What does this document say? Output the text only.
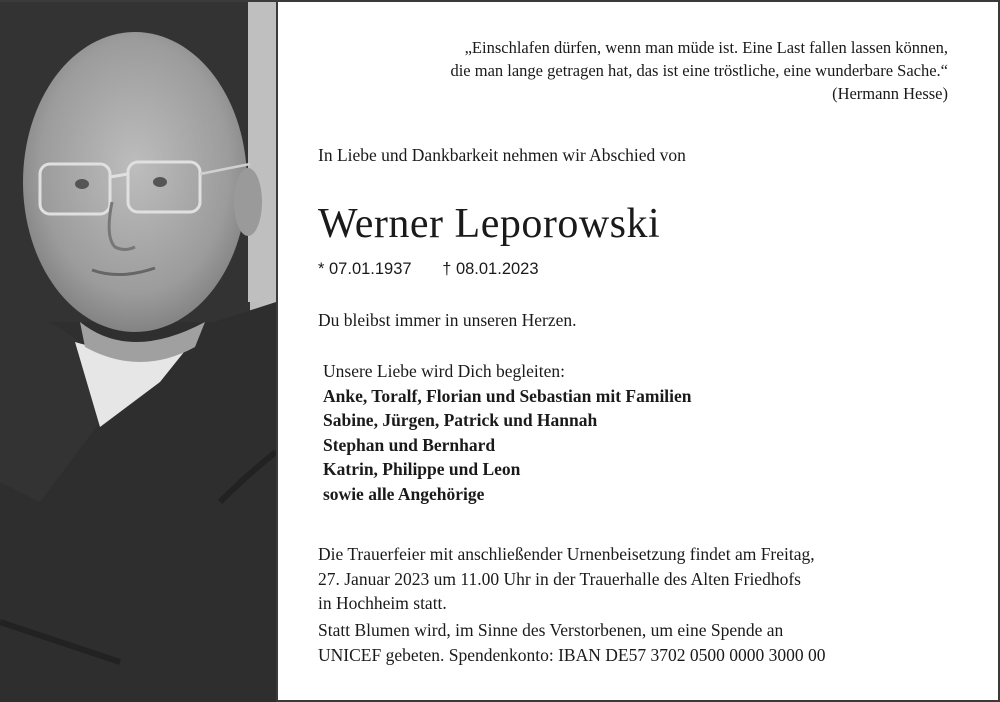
„Einschlafen dürfen, wenn man müde ist. Eine Last fallen lassen können,
die man lange getragen hat, das ist eine tröstliche, eine wunderbare Sache.“
(Hermann Hesse)
In Liebe und Dankbarkeit nehmen wir Abschied von
Werner Leporowski
* 07.01.1937 † 08.01.2023
Du bleibst immer in unseren Herzen.
Unsere Liebe wird Dich begleiten:
Anke, Toralf, Florian und Sebastian mit Familien
Sabine, Jürgen, Patrick und Hannah
Stephan und Bernhard
Katrin, Philippe und Leon
sowie alle Angehörige
Die Trauerfeier mit anschließender Urnenbeisetzung findet am Freitag,
27. Januar 2023 um 11.00 Uhr in der Trauerhalle des Alten Friedhofs
in Hochheim statt.
Statt Blumen wird, im Sinne des Verstorbenen, um eine Spende an
UNICEF gebeten. Spendenkonto: IBAN DE57 3702 0500 0000 3000 00
